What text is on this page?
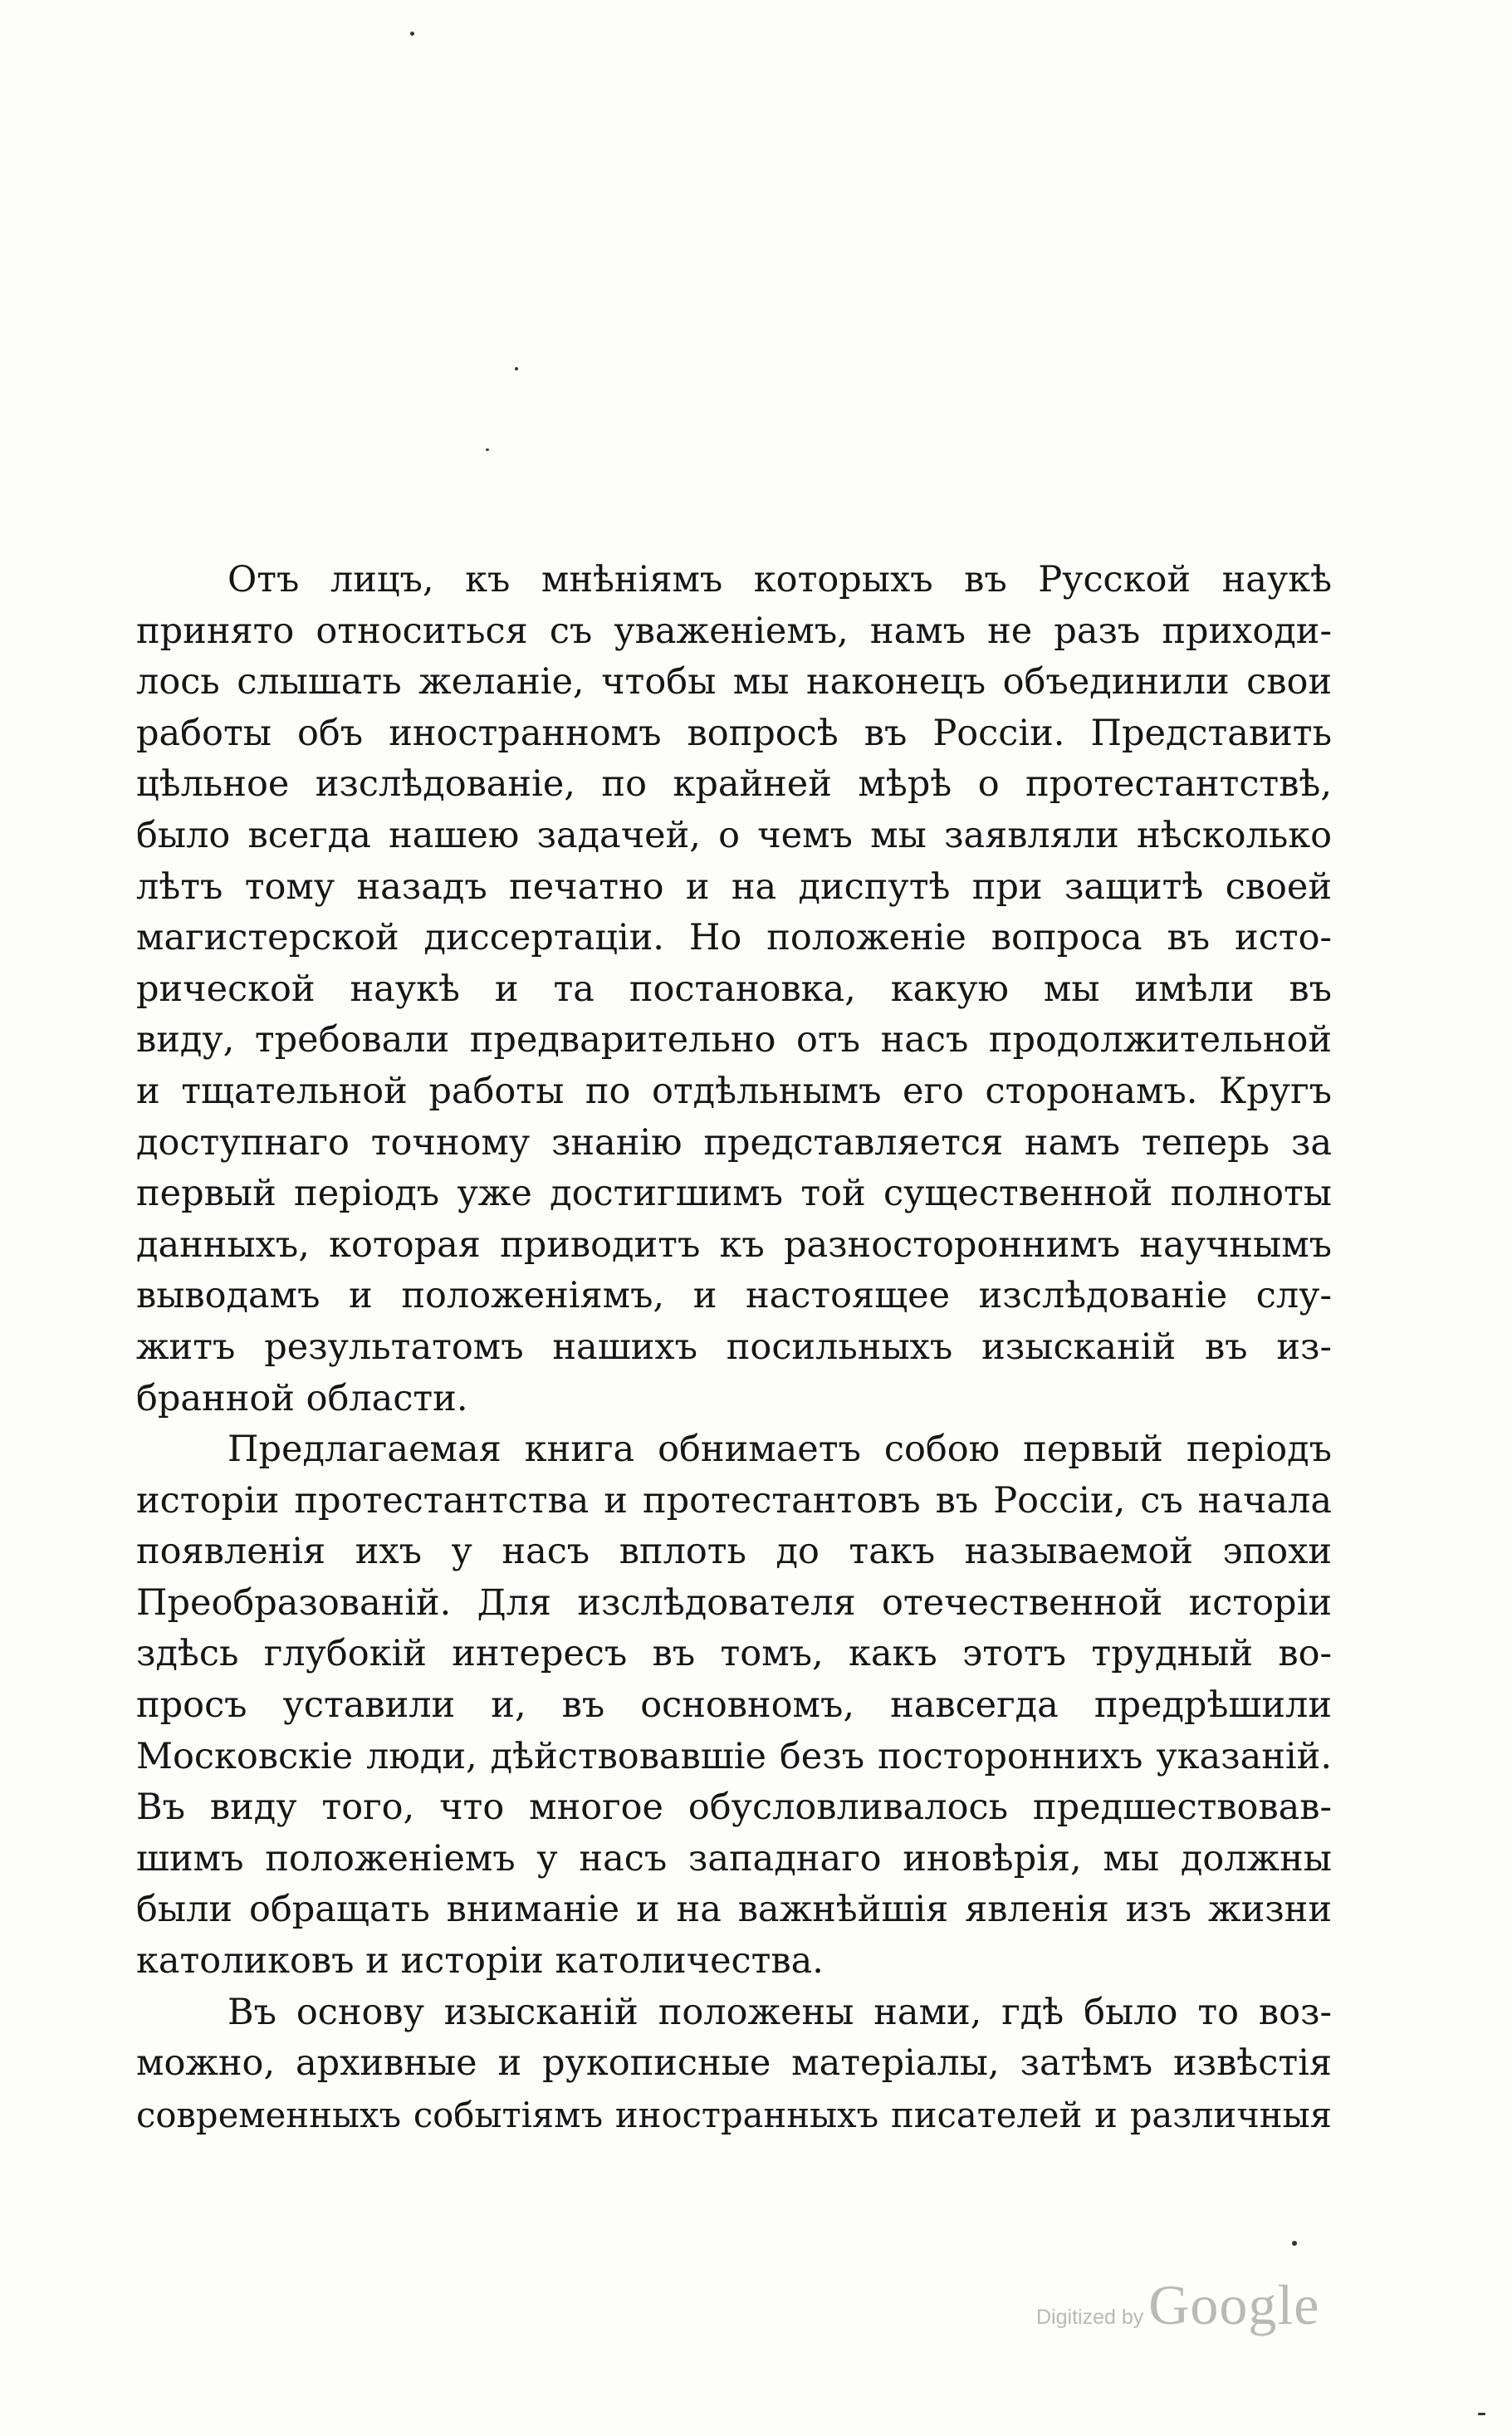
Отъ лицъ, къ мнѣніямъ которыхъ въ Русской наукѣ
принято относиться съ уваженіемъ, намъ не разъ приходи-
лось слышать желаніе, чтобы мы наконецъ объединили свои
работы объ иностранномъ вопросѣ въ Россіи. Представить
цѣльное изслѣдованіе, по крайней мѣрѣ о протестантствѣ,
было всегда нашею задачей, о чемъ мы заявляли нѣсколько
лѣтъ тому назадъ печатно и на диспутѣ при защитѣ своей
магистерской диссертаціи. Но положеніе вопроса въ исто-
рической наукѣ и та постановка, какую мы имѣли въ
виду, требовали предварительно отъ насъ продолжительной
и тщательной работы по отдѣльнымъ его сторонамъ. Кругъ
доступнаго точному знанію представляется намъ теперь за
первый періодъ уже достигшимъ той существенной полноты
данныхъ, которая приводитъ къ разностороннимъ научнымъ
выводамъ и положеніямъ, и настоящее изслѣдованіе слу-
житъ результатомъ нашихъ посильныхъ изысканій въ из-
бранной области.
Предлагаемая книга обнимаетъ собою первый періодъ
исторіи протестантства и протестантовъ въ Россіи, съ начала
появленія ихъ у насъ вплоть до такъ называемой эпохи
Преобразованій. Для изслѣдователя отечественной исторіи
здѣсь глубокій интересъ въ томъ, какъ этотъ трудный во-
просъ уставили и, въ основномъ, навсегда предрѣшили
Московскіе люди, дѣйствовавшіе безъ постороннихъ указаній.
Въ виду того, что многое обусловливалось предшествовав-
шимъ положеніемъ у насъ западнаго иновѣрія, мы должны
были обращать вниманіе и на важнѣйшія явленія изъ жизни
католиковъ и исторіи католичества.
Въ основу изысканій положены нами, гдѣ было то воз-
можно, архивные и рукописные матеріалы, затѣмъ извѣстія
современныхъ событіямъ иностранныхъ писателей и различныя
Digitized by Google
